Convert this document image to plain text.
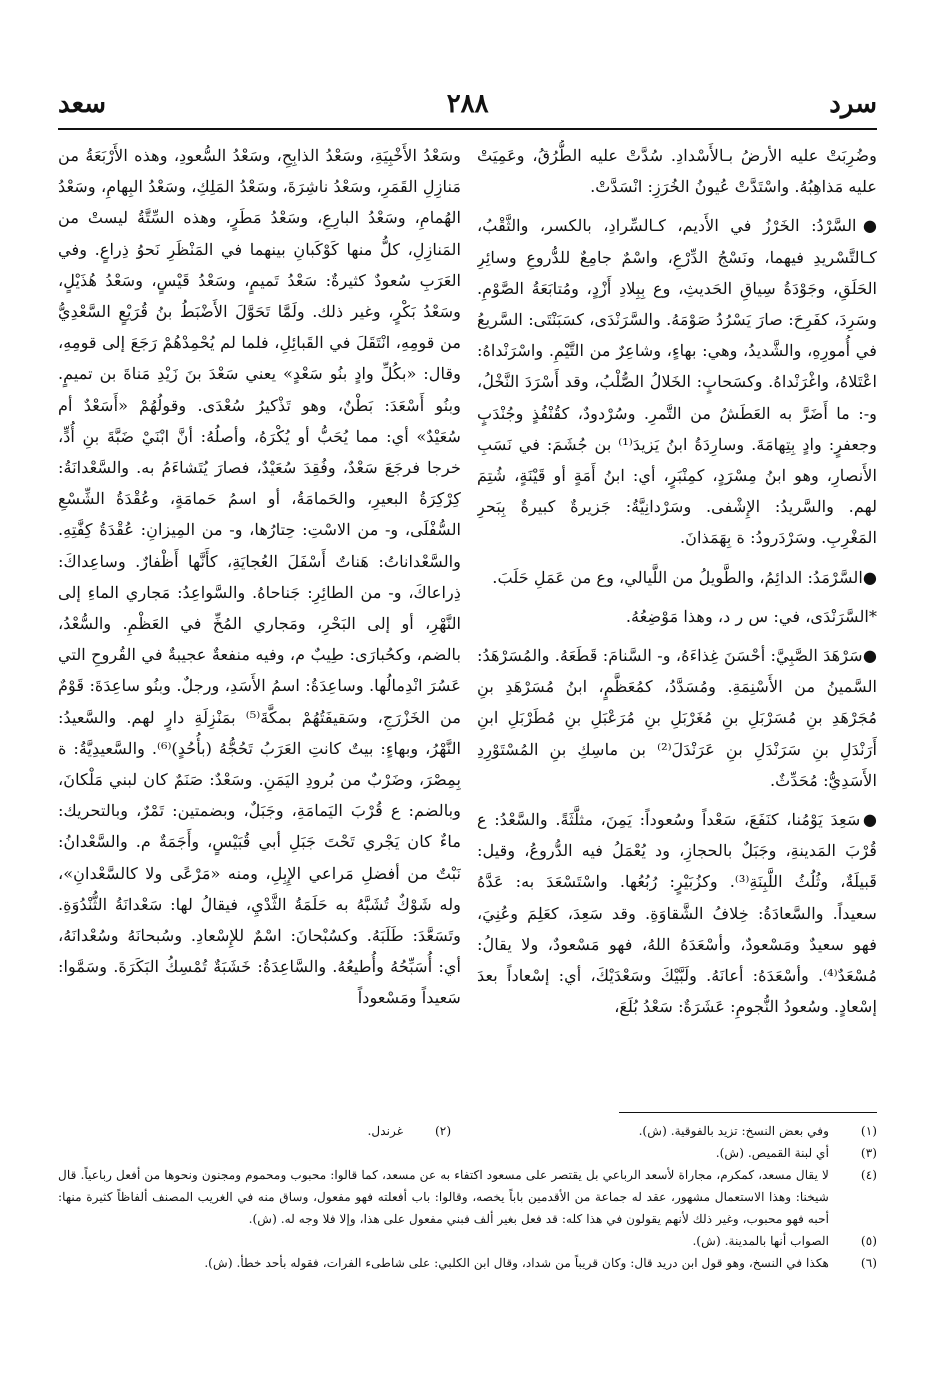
سرد
٢٨٨
سعد

وضُرِبَتْ عليه الأرضُ بـالأَسْدادِ. سُدَّتْ عليه الطُّرُقُ، وعَمِيَتْ عليه مَذاهِبُهُ. واسْتَدَّتْ عُيونُ الخُرَزِ: انْسَدَّتْ.

●السَّرْدُ: الخَرْزُ في الأَديم، كـالسِّرادِ، بالكسر، والثَّقْبُ، كـالتَّسْريدِ فيهما، ونَسْجُ الدِّرْعِ، واسْمٌ جامِعٌ للدُّروعِ وسائِرِ الحَلَقِ، وجَوْدَةُ سِياقِ الحَديثِ، وع بِبِلادِ أَزْدٍ، ومُتابَعَةُ الصَّوْمِ. وسَرِدَ، كفَرِحَ: صارَ يَسْرُدُ صَوْمَهُ. والسَّرَنْدَى، كسَبَنْتَى: السَّريعُ في أُمورِهِ، والشَّديدُ، وهي: بهاءٍ، وشاعِرٌ من التَّيْمِ. واسْرَنْداهُ: اعْتَلاهُ، واغْرَنْداهُ. وكسَحابٍ: الخَلالُ الصُّلْبُ، وقد أَسْرَدَ النَّخْلُ، و-: ما أَضَرَّ به العَطَشُ من التَّمرِ. وسُرْدودٌ، كقُنْفُذٍ وجُنْدَبٍ وجعفرٍ: وادٍ بِتِهامَةَ. وسارِدَةُ ابنُ يَزيدَ⁽¹⁾ بن جُشَمَ: في نَسَبِ الأَنصارِ، وهو ابنُ مِسْرَدٍ، كمِنْبَرٍ، أي: ابنُ أَمَةٍ أو قَيْنَةٍ، شُتِمَ لهم. والسَّريدُ: الإِشْفى. وسَرْدانِيَّةُ: جَزيرةٌ كبيرةٌ بِبَحرِ المَغْرِبِ. وسَرْدَرودُ: ة بِهَمَذانَ.

●السَّرْمَدُ: الدائِمُ، والطَّويلُ من اللَّيالي، وع من عَمَلِ حَلَبَ.

*السَّرَنْدَى، في: س ر د، وهذا مَوْضِعُهُ.

●سَرْهَدَ الصَّبِيَّ: أحْسَنَ غِذاءَهُ، و- السَّنامَ: قَطَعَهُ. والمُسَرْهَدُ: السَّمينُ من الأَسْنِمَةِ. ومُسَدَّدُ، كمُعَظَّمٍ، ابنُ مُسَرْهَدِ بنِ مُجَرْهَدِ بنِ مُسَرْبَلِ بنِ مُغَرْبَلِ بنِ مُرَعْبَلِ بنِ مُطَرْبَلِ ابنِ أَرَنْدَلِ بنِ سَرَنْدَلِ بنِ عَرَنْدَلَ⁽²⁾ بن ماسِكِ بنِ المُسْتَوْرِدِ الأَسَدِيُّ: مُحَدِّثٌ.

●سَعِدَ يَوْمُنا، كنَفَعَ، سَعْداً وسُعوداً: يَمِنَ، مثلَّثَةً. والسَّعْدُ: ع قُرْبَ المَدينةِ، وجَبَلٌ بالحجازِ، ود يُعْمَلُ فيه الدُّروعُ، وقيل: قَبيلَةٌ، وثُلُثُ اللَّبِنَةِ⁽³⁾. وكزُبَيْرٍ: رُبُعُها. واسْتَسْعَدَ به: عَدَّهُ سعيداً. والسَّعادَةُ: خِلافُ الشَّقاوَةِ. وقد سَعِدَ، كعَلِمَ وعُنِيَ، فهو سعيدٌ ومَسْعودٌ، وأسْعَدَهُ اللهُ، فهو مَسْعودٌ، ولا يقالُ: مُسْعَدٌ⁽⁴⁾. وأسْعَدَهُ: أعانَهُ. ولَبَّيْكَ وسَعْدَيْكَ، أي: إسْعاداً بعدَ إسْعادٍ. وسُعودُ النُّجومِ: عَشَرَةٌ: سَعْدُ بُلَعَ،

وسَعْدُ الأَخْبِيَةِ، وسَعْدُ الذابِحِ، وسَعْدُ السُّعودِ، وهذه الأَرْبَعَةُ من مَنازِلِ القَمَرِ، وسَعْدُ ناشِرَةَ، وسَعْدُ المَلِكِ، وسَعْدُ البِهامِ، وسَعْدُ الهُمامِ، وسَعْدُ البارِعِ، وسَعْدُ مَطَرٍ، وهذه السِّتَّةُ ليستْ من المَنازِلِ، كلُّ منها كَوْكَبانِ بينهما في المَنْظَرِ نَحوُ ذِراعٍ. وفي العَرَبِ سُعودٌ كثيرةٌ: سَعْدُ تَميمٍ، وسَعْدُ قَيْسٍ، وسَعْدُ هُذَيْلٍ، وسَعْدُ بَكْرٍ، وغير ذلك. ولَمَّا تَحَوَّلَ الأَضْبَطُ بنُ قُرَيْعٍ السَّعْدِيُّ من قومِهِ، انْتَقَلَ في القَبائِلِ، فلما لم يُحْمِدْهُمْ رَجَعَ إلى قومِهِ، وقال: «بكُلِّ وادٍ بنُو سَعْدٍ» يعني سَعْدَ بنَ زَيْدِ مَناةَ بن تميمٍ. وبنُو أَسْعَدَ: بَطْنٌ، وهو تَذْكيرُ سُعْدَى. وقولُهُمْ «أَسَعْدٌ أم سُعَيْدٌ» أي: مما يُحَبُّ أو يُكْرَهُ، وأصلُهُ: أنَّ ابْنَيْ ضَبَّةَ بنِ أُدٍّ، خرجا فرجَعَ سَعْدٌ، وفُقِدَ سُعَيْدٌ، فصارَ يُتَشاءَمُ به. والسَّعْدانَةُ: كِرْكِرَةُ البعيرِ، والحَمامَةُ، أو اسمُ حَمامَةٍ، وعُقْدَةُ الشِّسْعِ السُّفْلَى، و- من الاسْتِ: حِتارُها، و- من المِيزانِ: عُقْدَةُ كِفَّتِهِ. والسَّعْداناتُ: هَناتٌ أَسْفَلَ العُجايَةِ، كأَنَّها أَظْفارٌ. وساعِداكَ: ذِراعاكَ، و- من الطائِرِ: جَناحاهُ. والسَّواعِدُ: مَجاري الماءِ إلى النَّهْرِ، أو إلى البَحْرِ، ومَجاري المُخِّ في العَظْمِ. والسُّعْدُ، بالضم، وكحُبارَى: طِيبٌ م، وفيه منفعةٌ عجيبةٌ في القُروحِ التي عَسُرَ انْدِمالُها. وساعِدَةُ: اسمُ الأَسَدِ، ورجلٌ. وبنُو ساعِدَةَ: قَوْمٌ من الخَزْرَجِ، وسَقيفَتُهُمْ بمكَّةَ⁽⁵⁾ بمَنْزِلَةِ دارٍ لهم. والسَّعيدُ: النَّهْرُ، وبهاءٍ: بيتٌ كانتِ العَرَبُ تَحُجُّهُ (بأُحُدٍ)⁽⁶⁾. والسَّعيدِيَّةُ: ة بِمِصْرَ، وضَرْبٌ من بُرودِ اليَمَنِ. وسَعْدٌ: صَنَمٌ كان لبني مَلْكانَ، وبالضم: ع قُرْبَ اليَمامَةِ، وجَبَلٌ، وبضمتين: تَمْرٌ، وبالتحريك: ماءٌ كان يَجْري تَحْتَ جَبَلِ أبي قُبَيْسٍ، وأَجَمَةٌ م. والسَّعْدانُ: نَبْتٌ من أفضلِ مَراعي الإِبِلِ، ومنه «مَرْعًى ولا كالسَّعْدانِ»، وله شَوْكٌ تُشَبَّهُ به حَلَمَةُ الثَّدْيِ، فيقالُ لها: سَعْدانَةُ الثُّنْدُوَةِ. وتَسَعَّدَ: طَلَبَهُ. وكسُبْحانَ: اسْمٌ للإِسْعادِ. وسُبحانَهُ وسُعْدانَهُ، أي: أُسَبِّحُهُ وأُطيعُهُ. والسَّاعِدَةُ: خَشَبَةٌ تُمْسِكُ البَكَرَةَ. وسَمَّوا: سَعيداً ومَسْعوداً

(١)
وفي بعض النسخ: تزيد بالفوقية. (ش).
(٢)
غرندل.
(٣)
أي لبنة القميص. (ش).
(٤)
لا يقال مسعد، كمكرم، مجاراة لأسعد الرباعي بل يقتصر على مسعود اكتفاء به عن مسعد، كما قالوا: محبوب ومحموم ومجنون ونحوها من أفعل رباعياً. قال شيخنا: وهذا الاستعمال مشهور، عقد له جماعة من الأقدمين باباً يخصه، وقالوا: باب أفعلته فهو مفعول، وساق منه في الغريب المصنف ألفاظاً كثيرة منها: أحبه فهو محبوب، وغير ذلك لأنهم يقولون في هذا كله: قد فعل بغير ألف فبني مفعول على هذا، وإلا فلا وجه له. (ش).
(٥)
الصواب أنها بالمدينة. (ش).
(٦)
هكذا في النسخ، وهو قول ابن دريد قال: وكان قريباً من شداد، وقال ابن الكلبي: على شاطىء الفرات، فقوله بأحد خطأ. (ش).
